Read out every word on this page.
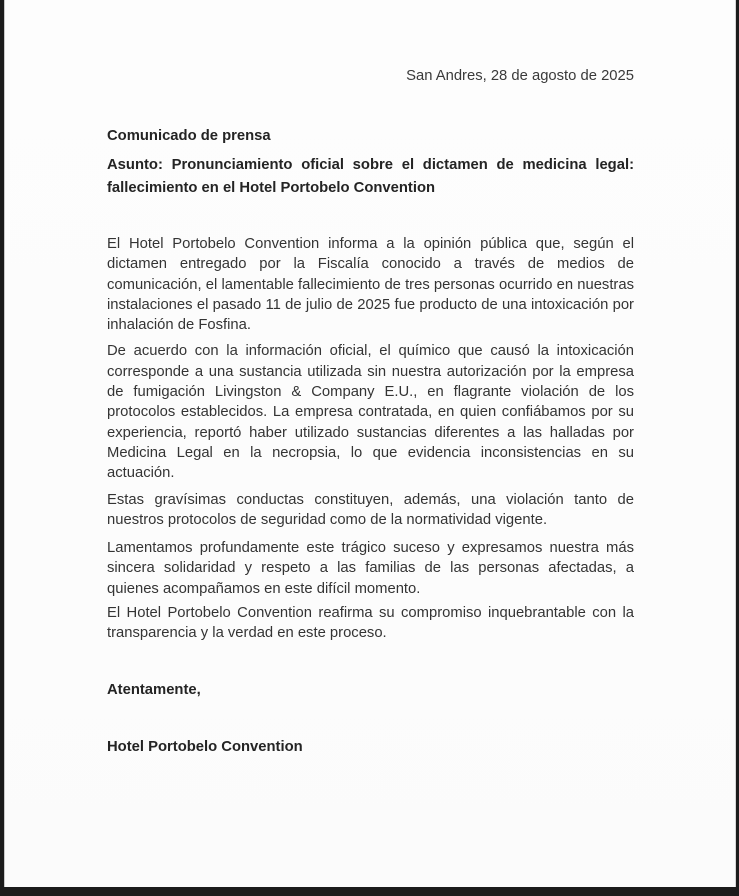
San Andres, 28 de agosto de 2025

Comunicado de prensa

Asunto: Pronunciamiento oficial sobre el dictamen de medicina legal:
fallecimiento en el Hotel Portobelo Convention

El Hotel Portobelo Convention informa a la opinión pública que, según el dictamen entregado por la Fiscalía conocido a través de medios de comunicación, el lamentable fallecimiento de tres personas ocurrido en nuestras instalaciones el pasado 11 de julio de 2025 fue producto de una intoxicación por inhalación de Fosfina.

De acuerdo con la información oficial, el químico que causó la intoxicación corresponde a una sustancia utilizada sin nuestra autorización por la empresa de fumigación Livingston & Company E.U., en flagrante violación de los protocolos establecidos. La empresa contratada, en quien confiábamos por su experiencia, reportó haber utilizado sustancias diferentes a las halladas por Medicina Legal en la necropsia, lo que evidencia inconsistencias en su actuación.

Estas gravísimas conductas constituyen, además, una violación tanto de nuestros protocolos de seguridad como de la normatividad vigente.

Lamentamos profundamente este trágico suceso y expresamos nuestra más sincera solidaridad y respeto a las familias de las personas afectadas, a quienes acompañamos en este difícil momento.

El Hotel Portobelo Convention reafirma su compromiso inquebrantable con la transparencia y la verdad en este proceso.

Atentamente,

Hotel Portobelo Convention
